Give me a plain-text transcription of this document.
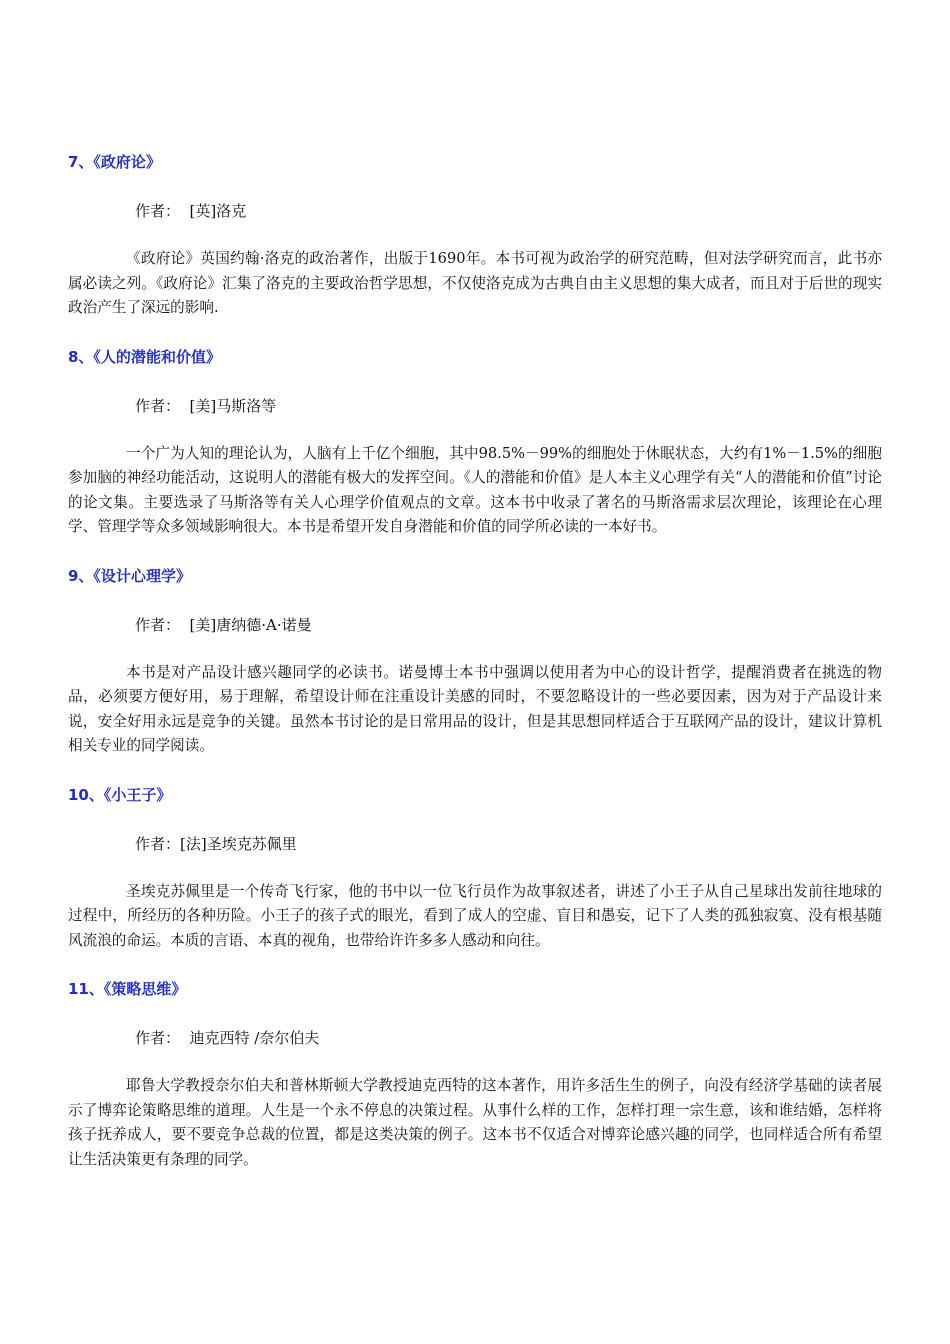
7、《政府论》

作者：  [英]洛克

《政府论》英国约翰·洛克的政治著作，出版于1690年。本书可视为政治学的研究范畴，但对法学研究而言，此书亦属必读之列。《政府论》汇集了洛克的主要政治哲学思想，不仅使洛克成为古典自由主义思想的集大成者，而且对于后世的现实政治产生了深远的影响.

8、《人的潜能和价值》

作者：  [美]马斯洛等

一个广为人知的理论认为，人脑有上千亿个细胞，其中98.5%－99%的细胞处于休眠状态，大约有1%－1.5%的细胞参加脑的神经功能活动，这说明人的潜能有极大的发挥空间。《人的潜能和价值》是人本主义心理学有关“人的潜能和价值”讨论的论文集。主要选录了马斯洛等有关人心理学价值观点的文章。这本书中收录了著名的马斯洛需求层次理论，该理论在心理学、管理学等众多领域影响很大。本书是希望开发自身潜能和价值的同学所必读的一本好书。

9、《设计心理学》

作者：  [美]唐纳德·A·诺曼

本书是对产品设计感兴趣同学的必读书。诺曼博士本书中强调以使用者为中心的设计哲学，提醒消费者在挑选的物品，必须要方便好用，易于理解，希望设计师在注重设计美感的同时，不要忽略设计的一些必要因素，因为对于产品设计来说，安全好用永远是竞争的关键。虽然本书讨论的是日常用品的设计，但是其思想同样适合于互联网产品的设计，建议计算机相关专业的同学阅读。

10、《小王子》

作者：[法]圣埃克苏佩里

圣埃克苏佩里是一个传奇飞行家，他的书中以一位飞行员作为故事叙述者，讲述了小王子从自己星球出发前往地球的过程中，所经历的各种历险。小王子的孩子式的眼光，看到了成人的空虚、盲目和愚妄，记下了人类的孤独寂寞、没有根基随风流浪的命运。本质的言语、本真的视角，也带给许许多多人感动和向往。

11、《策略思维》

作者：  迪克西特 /奈尔伯夫

耶鲁大学教授奈尔伯夫和普林斯顿大学教授迪克西特的这本著作，用许多活生生的例子，向没有经济学基础的读者展示了博弈论策略思维的道理。人生是一个永不停息的决策过程。从事什么样的工作，怎样打理一宗生意，该和谁结婚，怎样将孩子抚养成人，要不要竞争总裁的位置，都是这类决策的例子。这本书不仅适合对博弈论感兴趣的同学，也同样适合所有希望让生活决策更有条理的同学。
